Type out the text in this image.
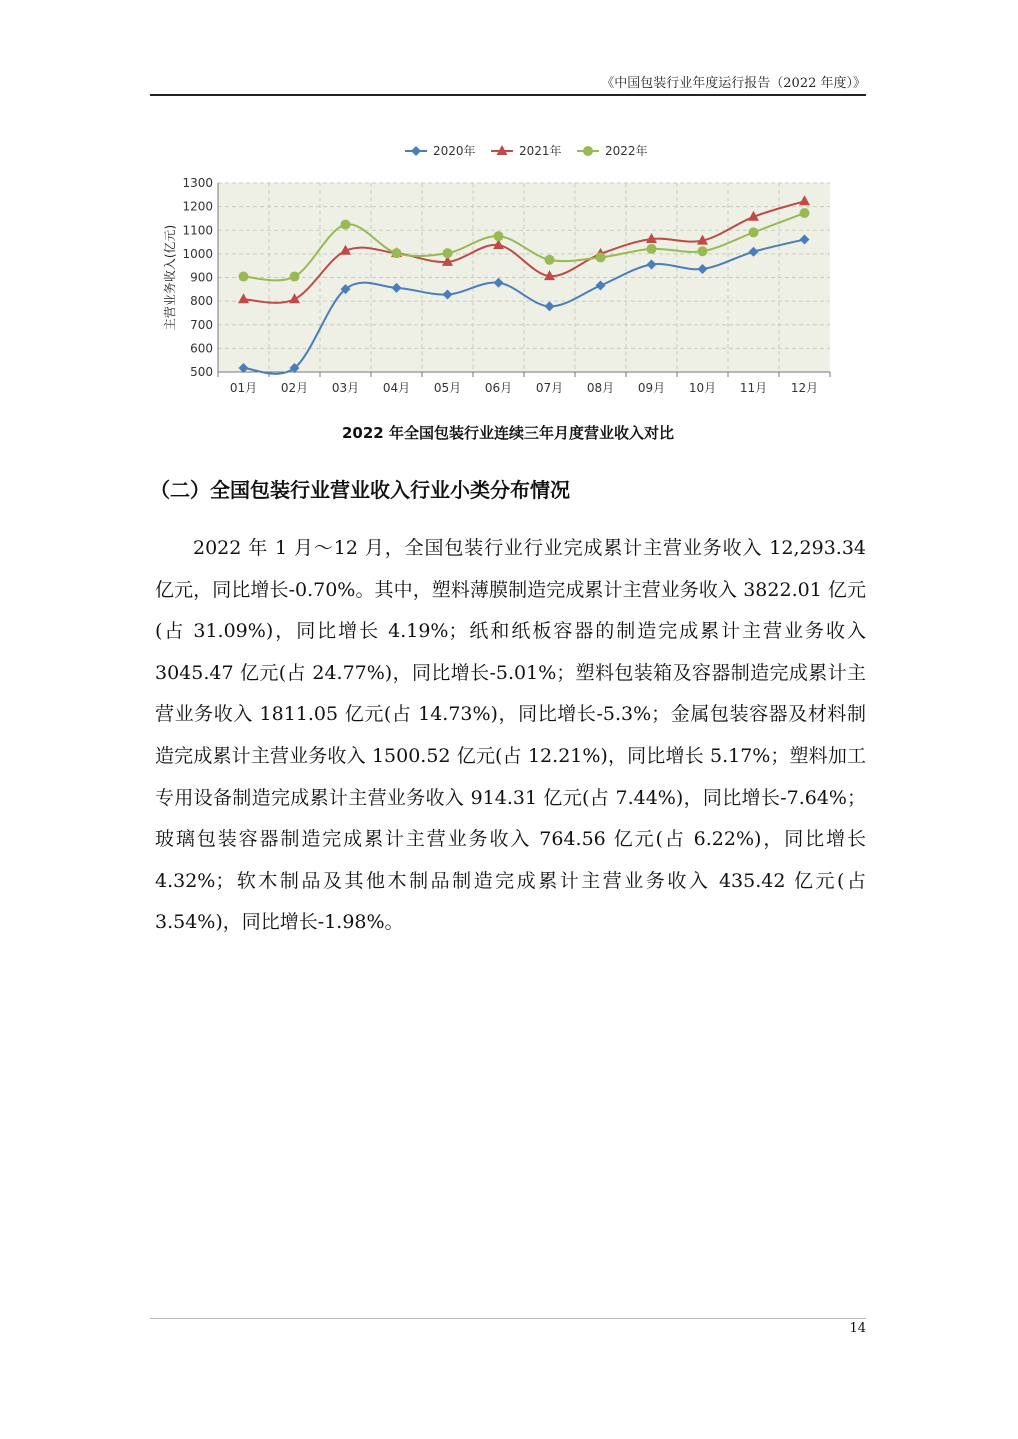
《中国包装行业年度运行报告（2022 年度）》
500
600
700
800
900
1000
1100
1200
1300
01月 02月 03月 04月 05月 06月 07月 08月 09月 10月 11月 12月
主营业务收入(亿元)
2020年	2021年	2022年
2022 年全国包装行业连续三年月度营业收入对比
（二）全国包装行业营业收入行业小类分布情况

2022 年 1 月～12 月，全国包装行业行业完成累计主营业务收入 12,293.34 亿元，同比增长-0.70%。其中，塑料薄膜制造完成累计主营业务收入 3822.01 亿元(占 31.09%)，同比增长 4.19%；纸和纸板容器的制造完成累计主营业务收入 3045.47 亿元(占 24.77%)，同比增长-5.01%；塑料包装箱及容器制造完成累计主营业务收入 1811.05 亿元(占 14.73%)，同比增长-5.3%；金属包装容器及材料制造完成累计主营业务收入 1500.52 亿元(占 12.21%)，同比增长 5.17%；塑料加工专用设备制造完成累计主营业务收入 914.31 亿元(占 7.44%)，同比增长-7.64%；玻璃包装容器制造完成累计主营业务收入 764.56 亿元(占 6.22%)，同比增长 4.32%；软木制品及其他木制品制造完成累计主营业务收入 435.42 亿元(占 3.54%)，同比增长-1.98%。

14
